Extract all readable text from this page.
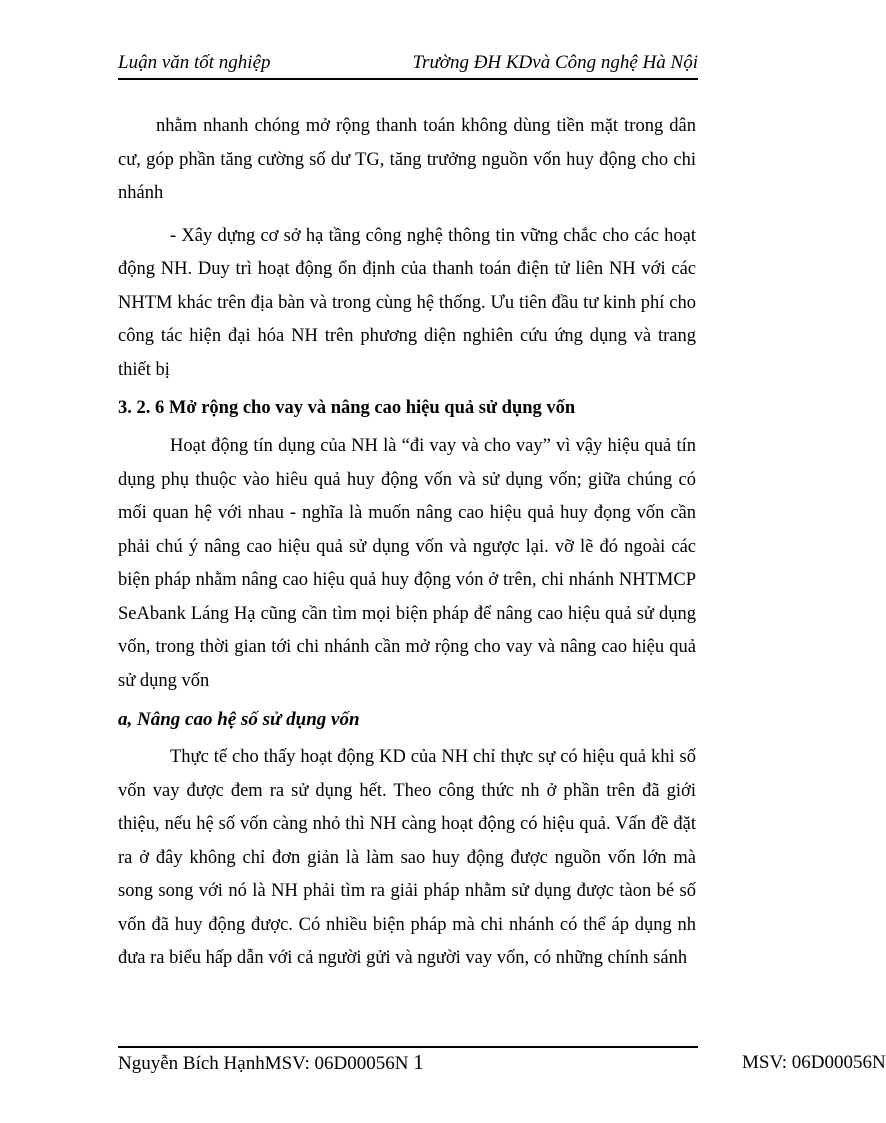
Luận văn tốt nghiệp	Trường ĐH KDvà Công nghệ Hà Nội

nhằm nhanh chóng mở rộng thanh toán không dùng tiền mặt trong dân cư, góp phần tăng cường số dư TG, tăng trưởng nguồn vốn huy động cho chi nhánh

- Xây dựng cơ sở hạ tầng công nghệ thông tin vững chắc cho các hoạt động NH. Duy trì hoạt động ổn định của thanh toán điện tử liên NH với các NHTM khác trên địa bàn và trong cùng hệ thống. Ưu tiên đầu tư kinh phí cho công tác hiện đại hóa NH trên phương diện nghiên cứu ứng dụng và trang thiết bị

3. 2. 6 Mở rộng cho vay và nâng cao hiệu quả sử dụng vốn

Hoạt động tín dụng của NH là “đi vay và cho vay” vì vậy hiệu quả tín dụng phụ thuộc vào hiêu quả huy động vốn và sử dụng vốn; giữa chúng có mối quan hệ với nhau - nghĩa là muốn nâng cao hiệu quả huy đọng vốn cần phải chú ý nâng cao hiệu quả sử dụng vốn và ngược lại. vỡ lẽ đó ngoài các biện pháp nhằm nâng cao hiệu quả huy động vón ở trên, chi nhánh NHTMCP SeAbank Láng Hạ cũng cần tìm mọi biện pháp để nâng cao hiệu quả sử dụng vốn, trong thời gian tới chi nhánh cần mở rộng cho vay và nâng cao hiệu quả sử dụng vốn

a, Nâng cao hệ số sử dụng vốn

Thực tế cho thấy hoạt động KD của NH chỉ thực sự có hiệu quả khi số vốn vay được đem ra sử dụng hết. Theo công thức nh ở phần trên đã giới thiệu, nếu hệ số vốn càng nhỏ thì NH càng hoạt động có hiệu quả. Vấn đề đặt ra ở đây không chỉ đơn giản là làm sao huy động được nguồn vốn lớn mà song song với nó là NH phải tìm ra giải pháp nhằm sử dụng được tàon bé số vốn đã huy động được. Có nhiều biện pháp mà chi nhánh có thể áp dụng nh đưa ra biểu hấp dẫn với cả người gửi và người vay vốn, có những chính sánh

Nguyễn Bích HạnhMSV: 06D00056N 1	MSV: 06D00056N
